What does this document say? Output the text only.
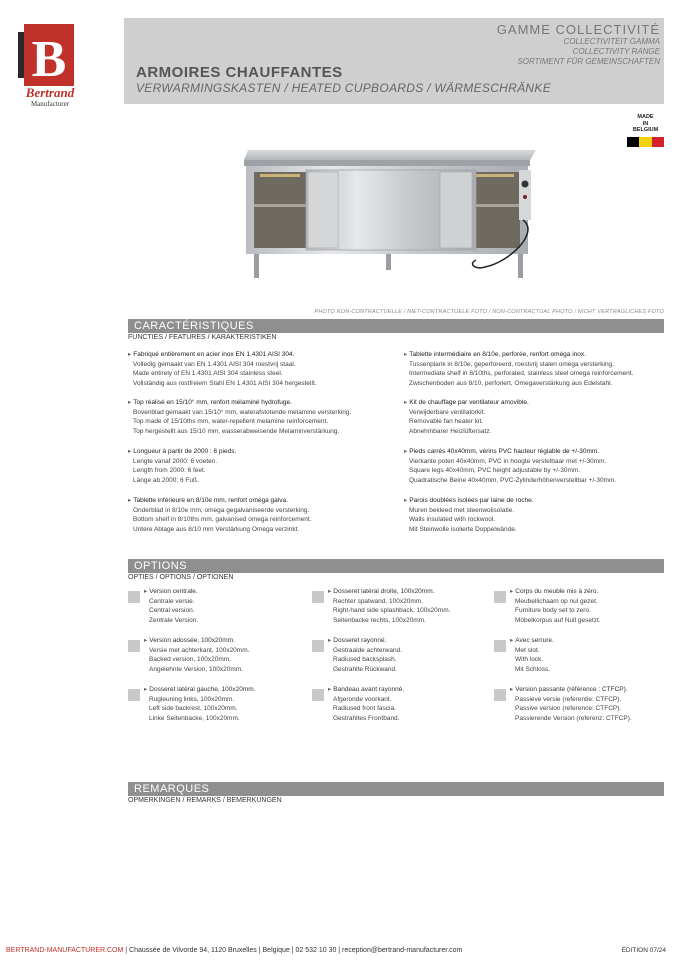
B
Bertrand
Manufacturer
GAMME COLLECTIVITÉ
COLLECTIVITEIT GAMMA
COLLECTIVITY RANGE
SORTIMENT FÜR GEMEINSCHAFTEN
ARMOIRES CHAUFFANTES
VERWARMINGSKASTEN / HEATED CUPBOARDS / WÄRMESCHRÄNKE
MADE
IN
BELGIUM
PHOTO NON-CONTRACTUELLE / NIET-CONTRACTUELE FOTO / NON-CONTRACTUAL PHOTO / NICHT VERTRAGLICHES FOTO
CARACTÉRISTIQUES
FUNCTIES / FEATURES / KARAKTERISTIKEN
▸ Fabriqué entièrement en acier inox EN 1.4301 AISI 304.
Volledig gemaakt van EN 1.4301 AISI 304 roestvrij staal.
Made entirely of EN 1.4301 AISI 304 stainless steel.
Vollständig aus rostfreiem Stahl EN 1.4301 AISI 304 hergestellt.
▸ Top réalisé en 15/10° mm, renfort mélaminé hydrofuge.
Bovenblad gemaakt van 15/10° mm, waterafstotende melamine versterking.
Top made of 15/10ths mm, water-repellent melamine reinforcement.
Top hergestellt aus 15/10 mm, wasserabweisende Melaminverstärkung.
▸ Longueur à partir de 2000 : 6 pieds.
Lengte vanaf 2000: 6 voeten.
Length from 2000: 6 feet.
Länge ab 2000: 6 Fuß.
▸ Tablette inférieure en 8/10e mm, renfort oméga galva.
Onderblad in 8/10e mm, omega gegalvaniseerde versterking.
Bottom shelf in 8/10ths mm, galvanised omega reinforcement.
Untere Ablage aus 8/10 mm Verstärkung Omega verzinkt.
▸ Tablette intermédiaire en 8/10e, perforée, renfort oméga inox.
Tussenplank in 8/10e, geperforeerd, roestvrij stalen omega versterking.
Intermediate shelf in 8/10ths, perforated, stainless steel omega reinforcement.
Zwischenboden aus 8/10, perforiert, Omegaverstärkung aus Edelstahl.
▸ Kit de chauffage par ventilateur amovible.
Verwijderbare ventilatorkit.
Removable fan heater kit.
Abnehmbarer Heizlüftersatz.
▸ Pieds carrés 40x40mm, vérins PVC hauteur réglable de +/-30mm.
Vierkante poten 40x40mm, PVC in hoogte verstelbaar met +/-30mm.
Square legs 40x40mm, PVC height adjustable by +/-30mm.
Quadratische Beine 40x40mm, PVC-Zylinderhöhenverstellbar +/-30mm.
▸ Parois doublées isolées par laine de roche.
Muren bekleed met steenwolisolatie.
Walls insulated with rockwool.
Mit Steinwolle isolierte Doppelwände.
OPTIONS
OPTIES / OPTIONS / OPTIONEN
▸ Version centrale.
Centrale versie.
Central version.
Zentrale Version.
▸ Dosseret latéral droite, 100x20mm.
Rechter spatwand, 100x20mm.
Right-hand side splashback, 100x20mm.
Seitenbacke rechts, 100x20mm.
▸ Corps du meuble mis à zéro.
Meubellichaam op nul gezet.
Furniture body set to zero.
Möbelkorpus auf Null gesetzt.
▸ Version adossée, 100x20mm.
Versie met achterkant, 100x20mm.
Backed version, 100x20mm.
Angelehnte Version, 100x20mm.
▸ Dosseret rayonné.
Gestraalde achterwand.
Radiused backsplash.
Gestrahlte Rückwand.
▸ Avec serrure.
Met slot.
With lock.
Mit Schloss.
▸ Dosseret latéral gauche, 100x20mm.
Rugleuning links, 100x20mm.
Left side backrest, 100x20mm.
Linke Seitenbacke, 100x20mm.
▸ Bandeau avant rayonné.
Afgeronde voorkant.
Radiused front fascia.
Gestrahltes Frontband.
▸ Version passante (référence : CTFCP).
Passieve versie (referentie: CTFCP).
Passive version (reference: CTFCP).
Passierende Version (referenz: CTFCP).
REMARQUES
OPMERKINGEN / REMARKS / BEMERKUNGEN
BERTRAND-MANUFACTURER.COM | Chaussée de Vilvorde 94, 1120 Bruxelles | Belgique | 02 532 10 30 | reception@bertrand-manufacturer.com	ÉDITION 07/24
